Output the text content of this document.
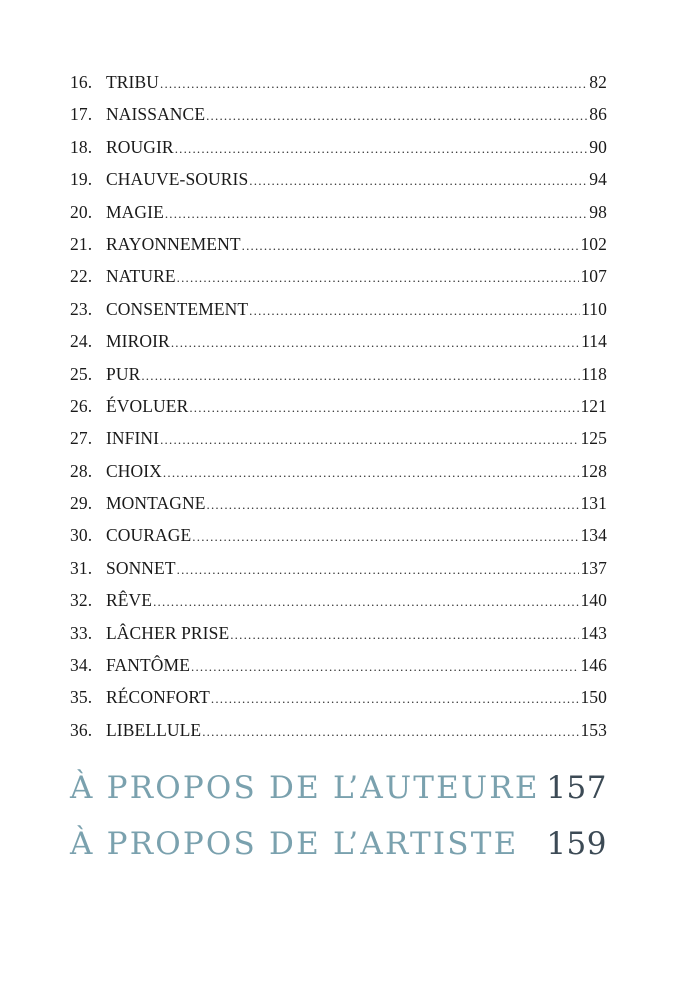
16. TRIBU .....	82
17. NAISSANCE .....	86
18. ROUGIR .....	90
19. CHAUVE-SOURIS .....	94
20. MAGIE .....	98
21. RAYONNEMENT .....	102
22. NATURE .....	107
23. CONSENTEMENT .....	110
24. MIROIR .....	114
25. PUR .....	118
26. ÉVOLUER .....	121
27. INFINI .....	125
28. CHOIX .....	128
29. MONTAGNE .....	131
30. COURAGE .....	134
31. SONNET .....	137
32. RÊVE .....	140
33. LÂCHER PRISE .....	143
34. FANTÔME .....	146
35. RÉCONFORT .....	150
36. LIBELLULE .....	153
À PROPOS DE L’AUTEURE 157
À PROPOS DE L’ARTISTE 159
